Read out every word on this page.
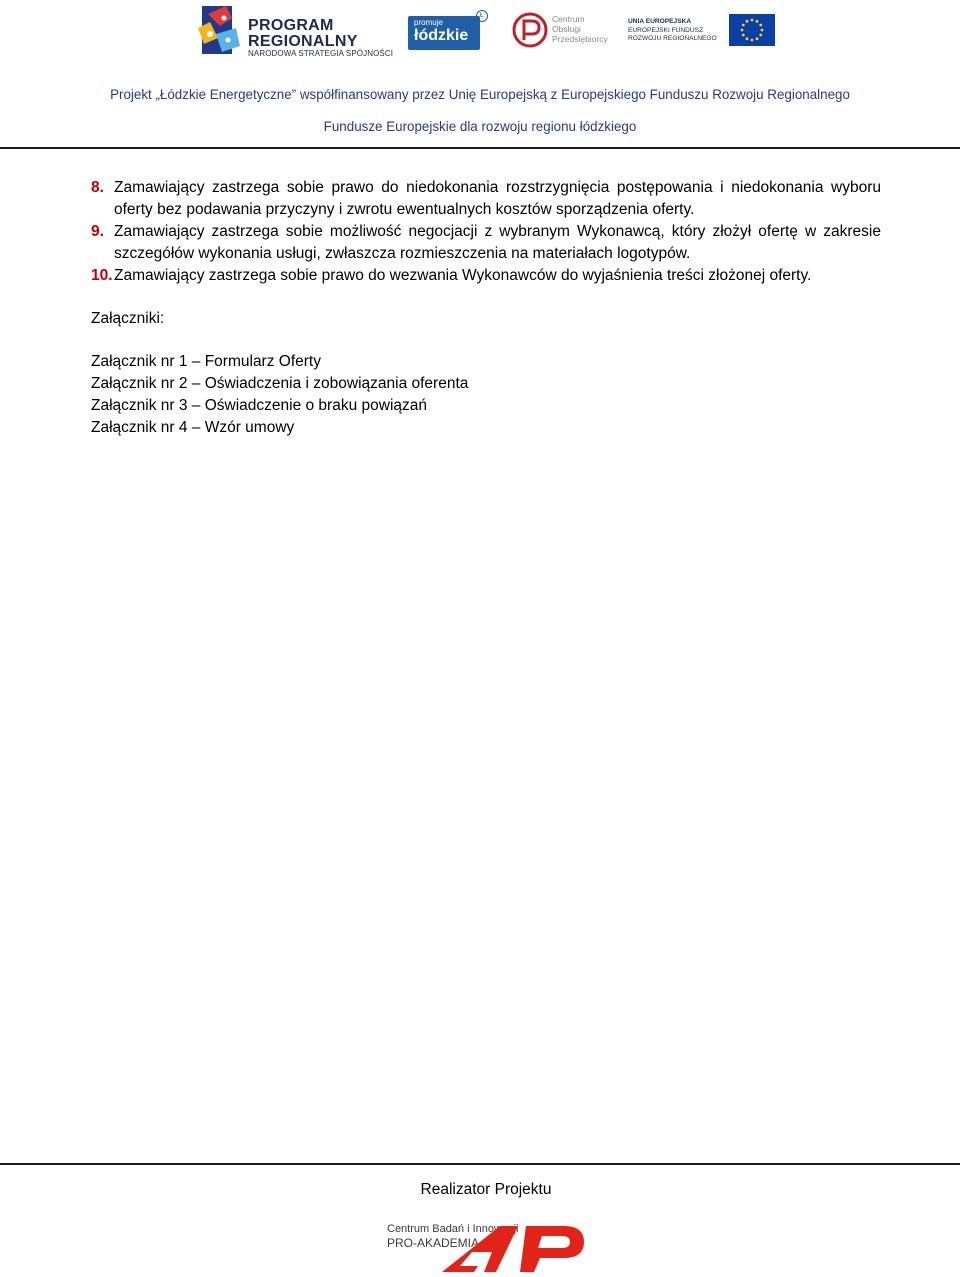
PROGRAM
REGIONALNY
NARODOWA STRATEGIA SPÓJNOŚCI
promuje
łódzkie
Ł	Centrum
Obsługi
Przedsiębiorcy
UNIA EUROPEJSKA
EUROPEJSKI FUNDUSZ
ROZWOJU REGIONALNEGO
Projekt „Łódzkie Energetyczne” współfinansowany przez Unię Europejską z Europejskiego Funduszu Rozwoju Regionalnego
Fundusze Europejskie dla rozwoju regionu łódzkiego
8. Zamawiający zastrzega sobie prawo do niedokonania rozstrzygnięcia postępowania i niedokonania wyboru oferty bez podawania przyczyny i zwrotu ewentualnych kosztów sporządzenia oferty.
9. Zamawiający zastrzega sobie możliwość negocjacji z wybranym Wykonawcą, który złożył ofertę w zakresie szczegółów wykonania usługi, zwłaszcza rozmieszczenia na materiałach logotypów.
10. Zamawiający zastrzega sobie prawo do wezwania Wykonawców do wyjaśnienia treści złożonej oferty.
Załączniki:
Załącznik nr 1 – Formularz Oferty
Załącznik nr 2 – Oświadczenia i zobowiązania oferenta
Załącznik nr 3 – Oświadczenie o braku powiązań
Załącznik nr 4 – Wzór umowy
Realizator Projektu
Centrum Badań i Innowacji
PRO-AKADEMIA
